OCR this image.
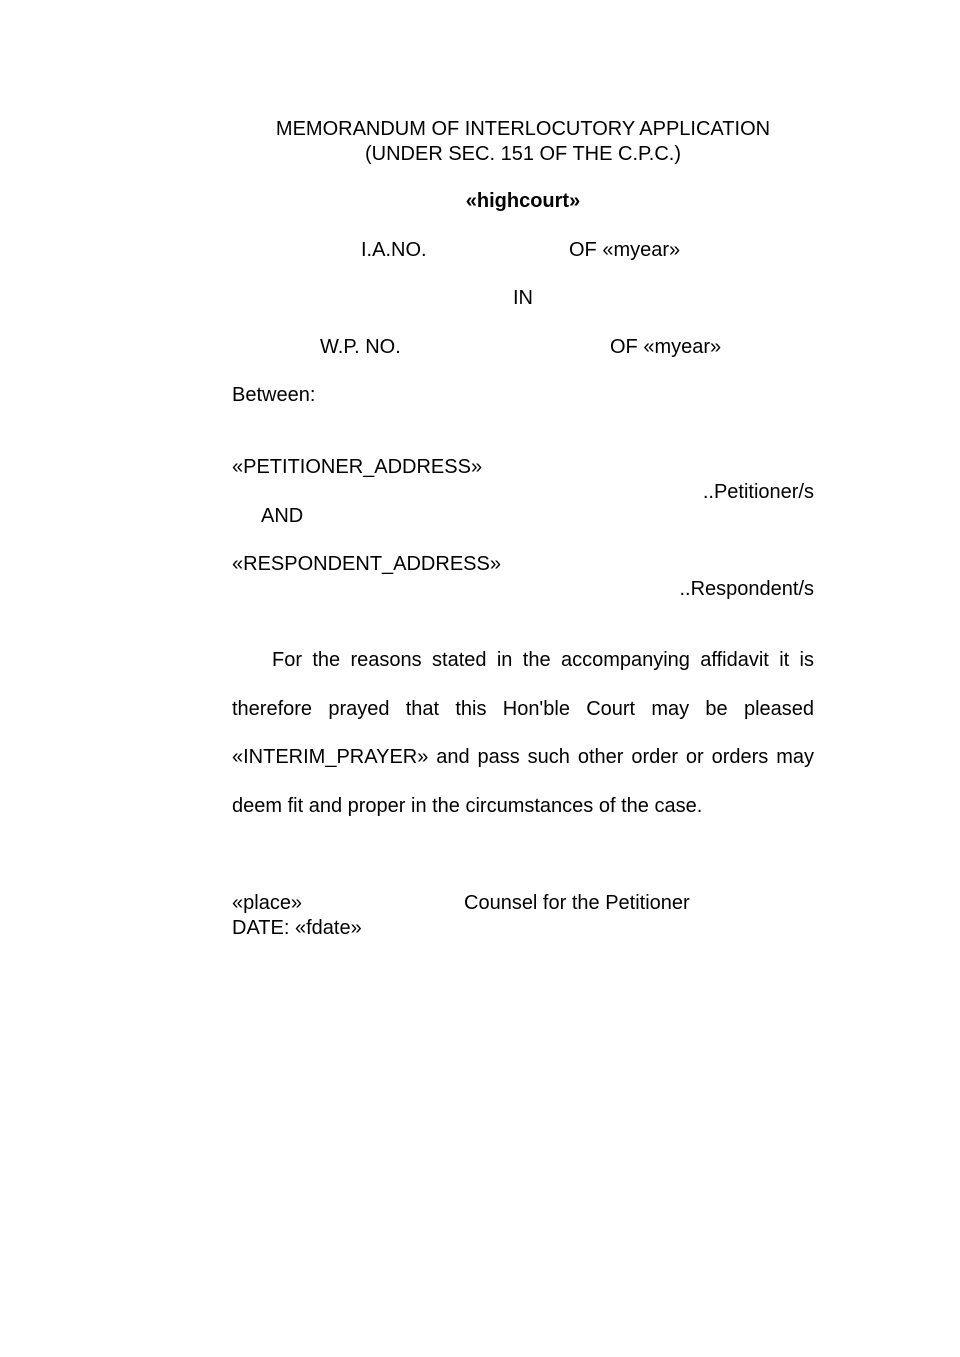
MEMORANDUM OF INTERLOCUTORY APPLICATION
(UNDER SEC. 151 OF THE C.P.C.)
«highcourt»
I.A.NO.	OF «myear»
IN
W.P. NO.	OF «myear»
Between:
«PETITIONER_ADDRESS»
..Petitioner/s
AND
«RESPONDENT_ADDRESS»
..Respondent/s

For the reasons stated in the accompanying affidavit it is therefore prayed that this Hon'ble Court may be pleased «INTERIM_PRAYER» and pass such other order or orders may deem fit and proper in the circumstances of the case.

«place»	Counsel for the Petitioner
DATE: «fdate»
